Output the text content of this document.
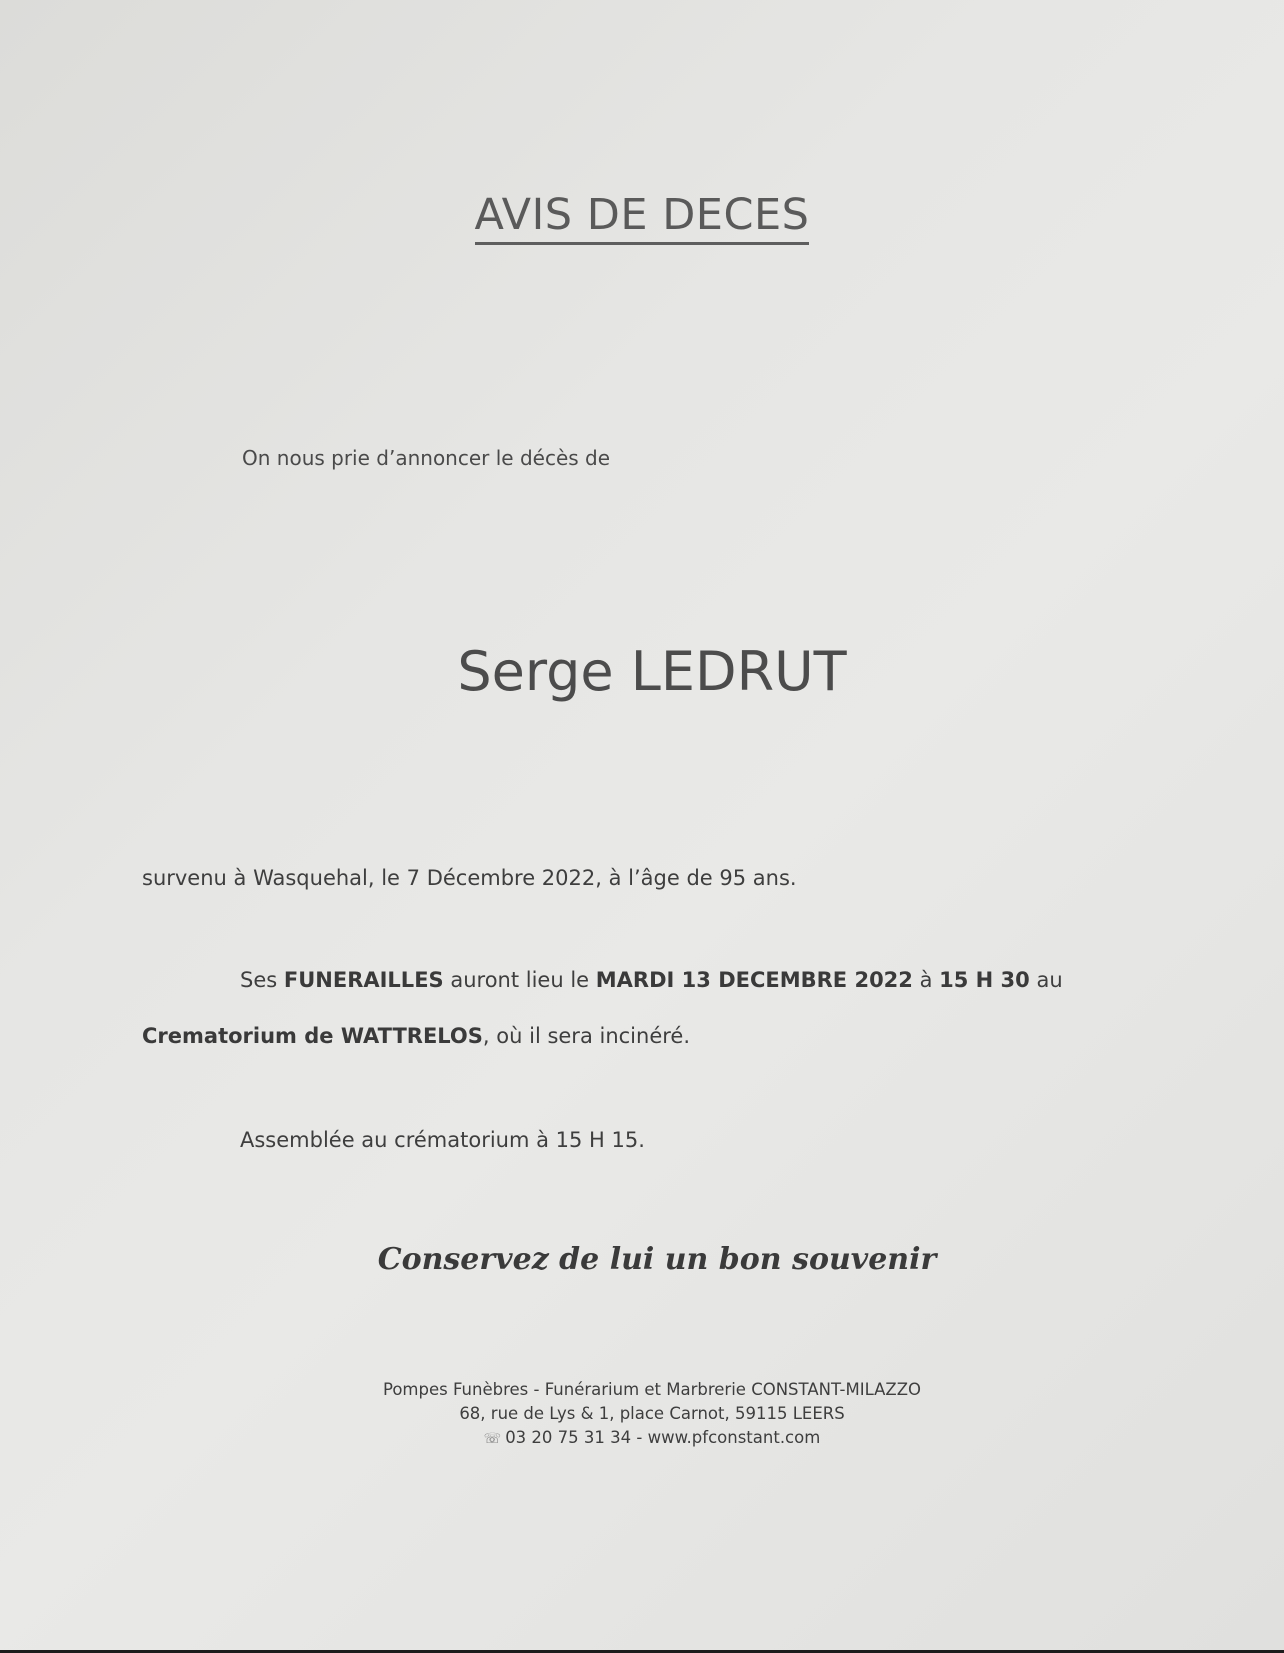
AVIS DE DECES
On nous prie d’annoncer le décès de
Serge LEDRUT
survenu à Wasquehal, le 7 Décembre 2022, à l’âge de 95 ans.
Ses FUNERAILLES auront lieu le MARDI 13 DECEMBRE 2022 à 15 H 30 au
Crematorium de WATTRELOS, où il sera incinéré.
Assemblée au crématorium à 15 H 15.
Conservez de lui un bon souvenir
Pompes Funèbres - Funérarium et Marbrerie CONSTANT-MILAZZO
68, rue de Lys & 1, place Carnot, 59115 LEERS
☏ 03 20 75 31 34 - www.pfconstant.com
